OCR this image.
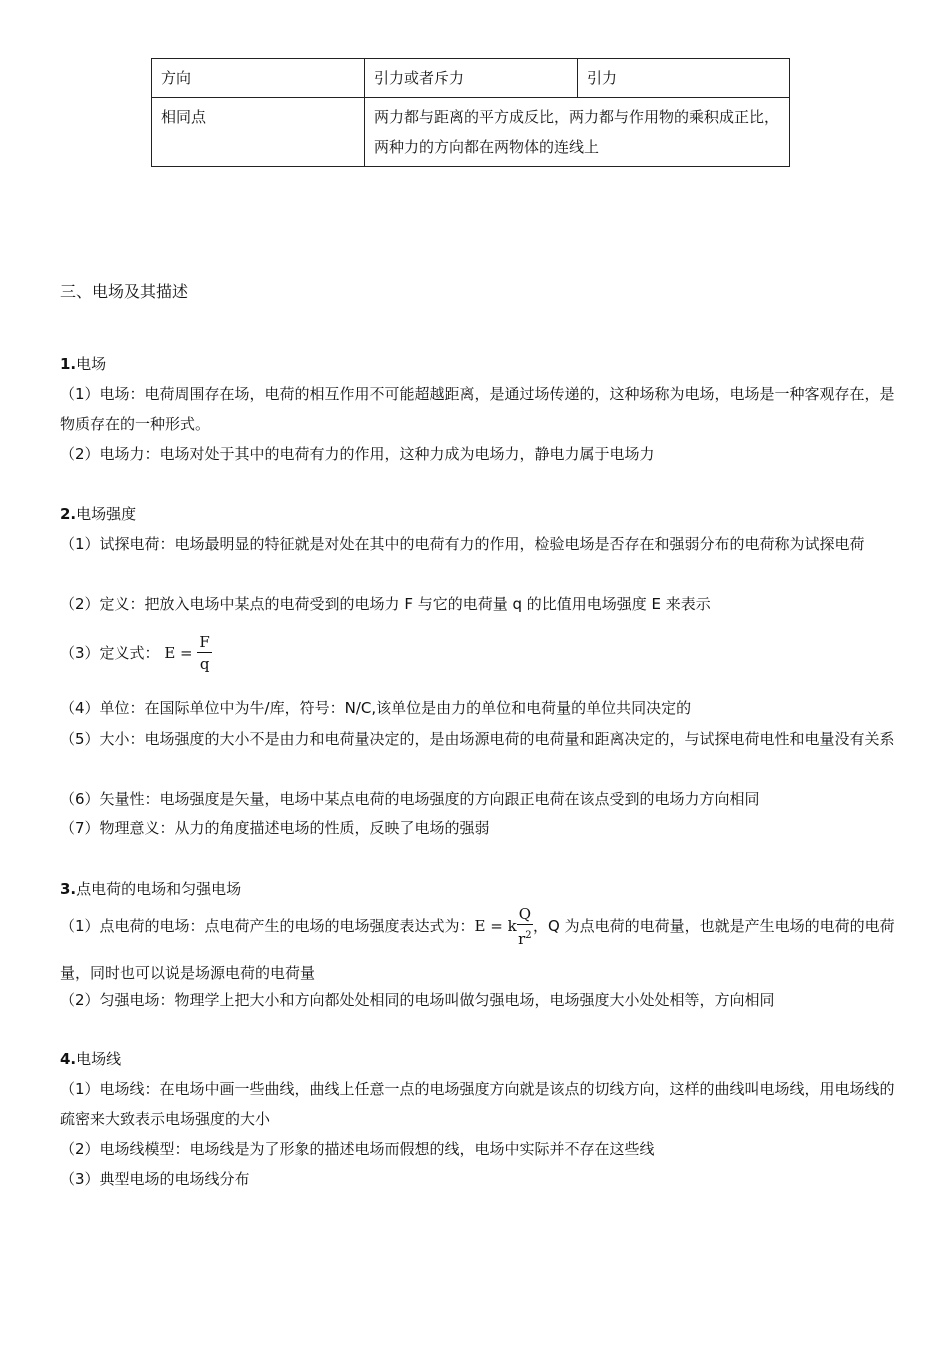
方向	引力或者斥力	引力
相同点	两力都与距离的平方成反比，两力都与作用物的乘积成正比，两种力的方向都在两物体的连线上	
三、电场及其描述
1.电场
（1）电场：电荷周围存在场，电荷的相互作用不可能超越距离，是通过场传递的，这种场称为电场，电场是一种客观存在，是物质存在的一种形式。
（2）电场力：电场对处于其中的电荷有力的作用，这种力成为电场力，静电力属于电场力
2.电场强度
（1）试探电荷：电场最明显的特征就是对处在其中的电荷有力的作用，检验电场是否存在和强弱分布的电荷称为试探电荷
（2）定义：把放入电场中某点的电荷受到的电场力 F 与它的电荷量 q 的比值用电场强度 E 来表示
（3）定义式： $E = \frac{F}{q}$
（4）单位：在国际单位中为牛/库，符号：N/C,该单位是由力的单位和电荷量的单位共同决定的
（5）大小：电场强度的大小不是由力和电荷量决定的，是由场源电荷的电荷量和距离决定的，与试探电荷电性和电量没有关系
（6）矢量性：电场强度是矢量，电场中某点电荷的电场强度的方向跟正电荷在该点受到的电场力方向相同
（7）物理意义：从力的角度描述电场的性质，反映了电场的强弱
3.点电荷的电场和匀强电场
（1）点电荷的电场：点电荷产生的电场的电场强度表达式为：E = k $\frac{Q}{r^2}$ ，Q 为点电荷的电荷量，也就是产生电场的电荷的电荷量，同时也可以说是场源电荷的电荷量
（2）匀强电场：物理学上把大小和方向都处处相同的电场叫做匀强电场，电场强度大小处处相等，方向相同
4.电场线
（1）电场线：在电场中画一些曲线，曲线上任意一点的电场强度方向就是该点的切线方向，这样的曲线叫电场线，用电场线的疏密来大致表示电场强度的大小
（2）电场线模型：电场线是为了形象的描述电场而假想的线，电场中实际并不存在这些线
（3）典型电场的电场线分布
